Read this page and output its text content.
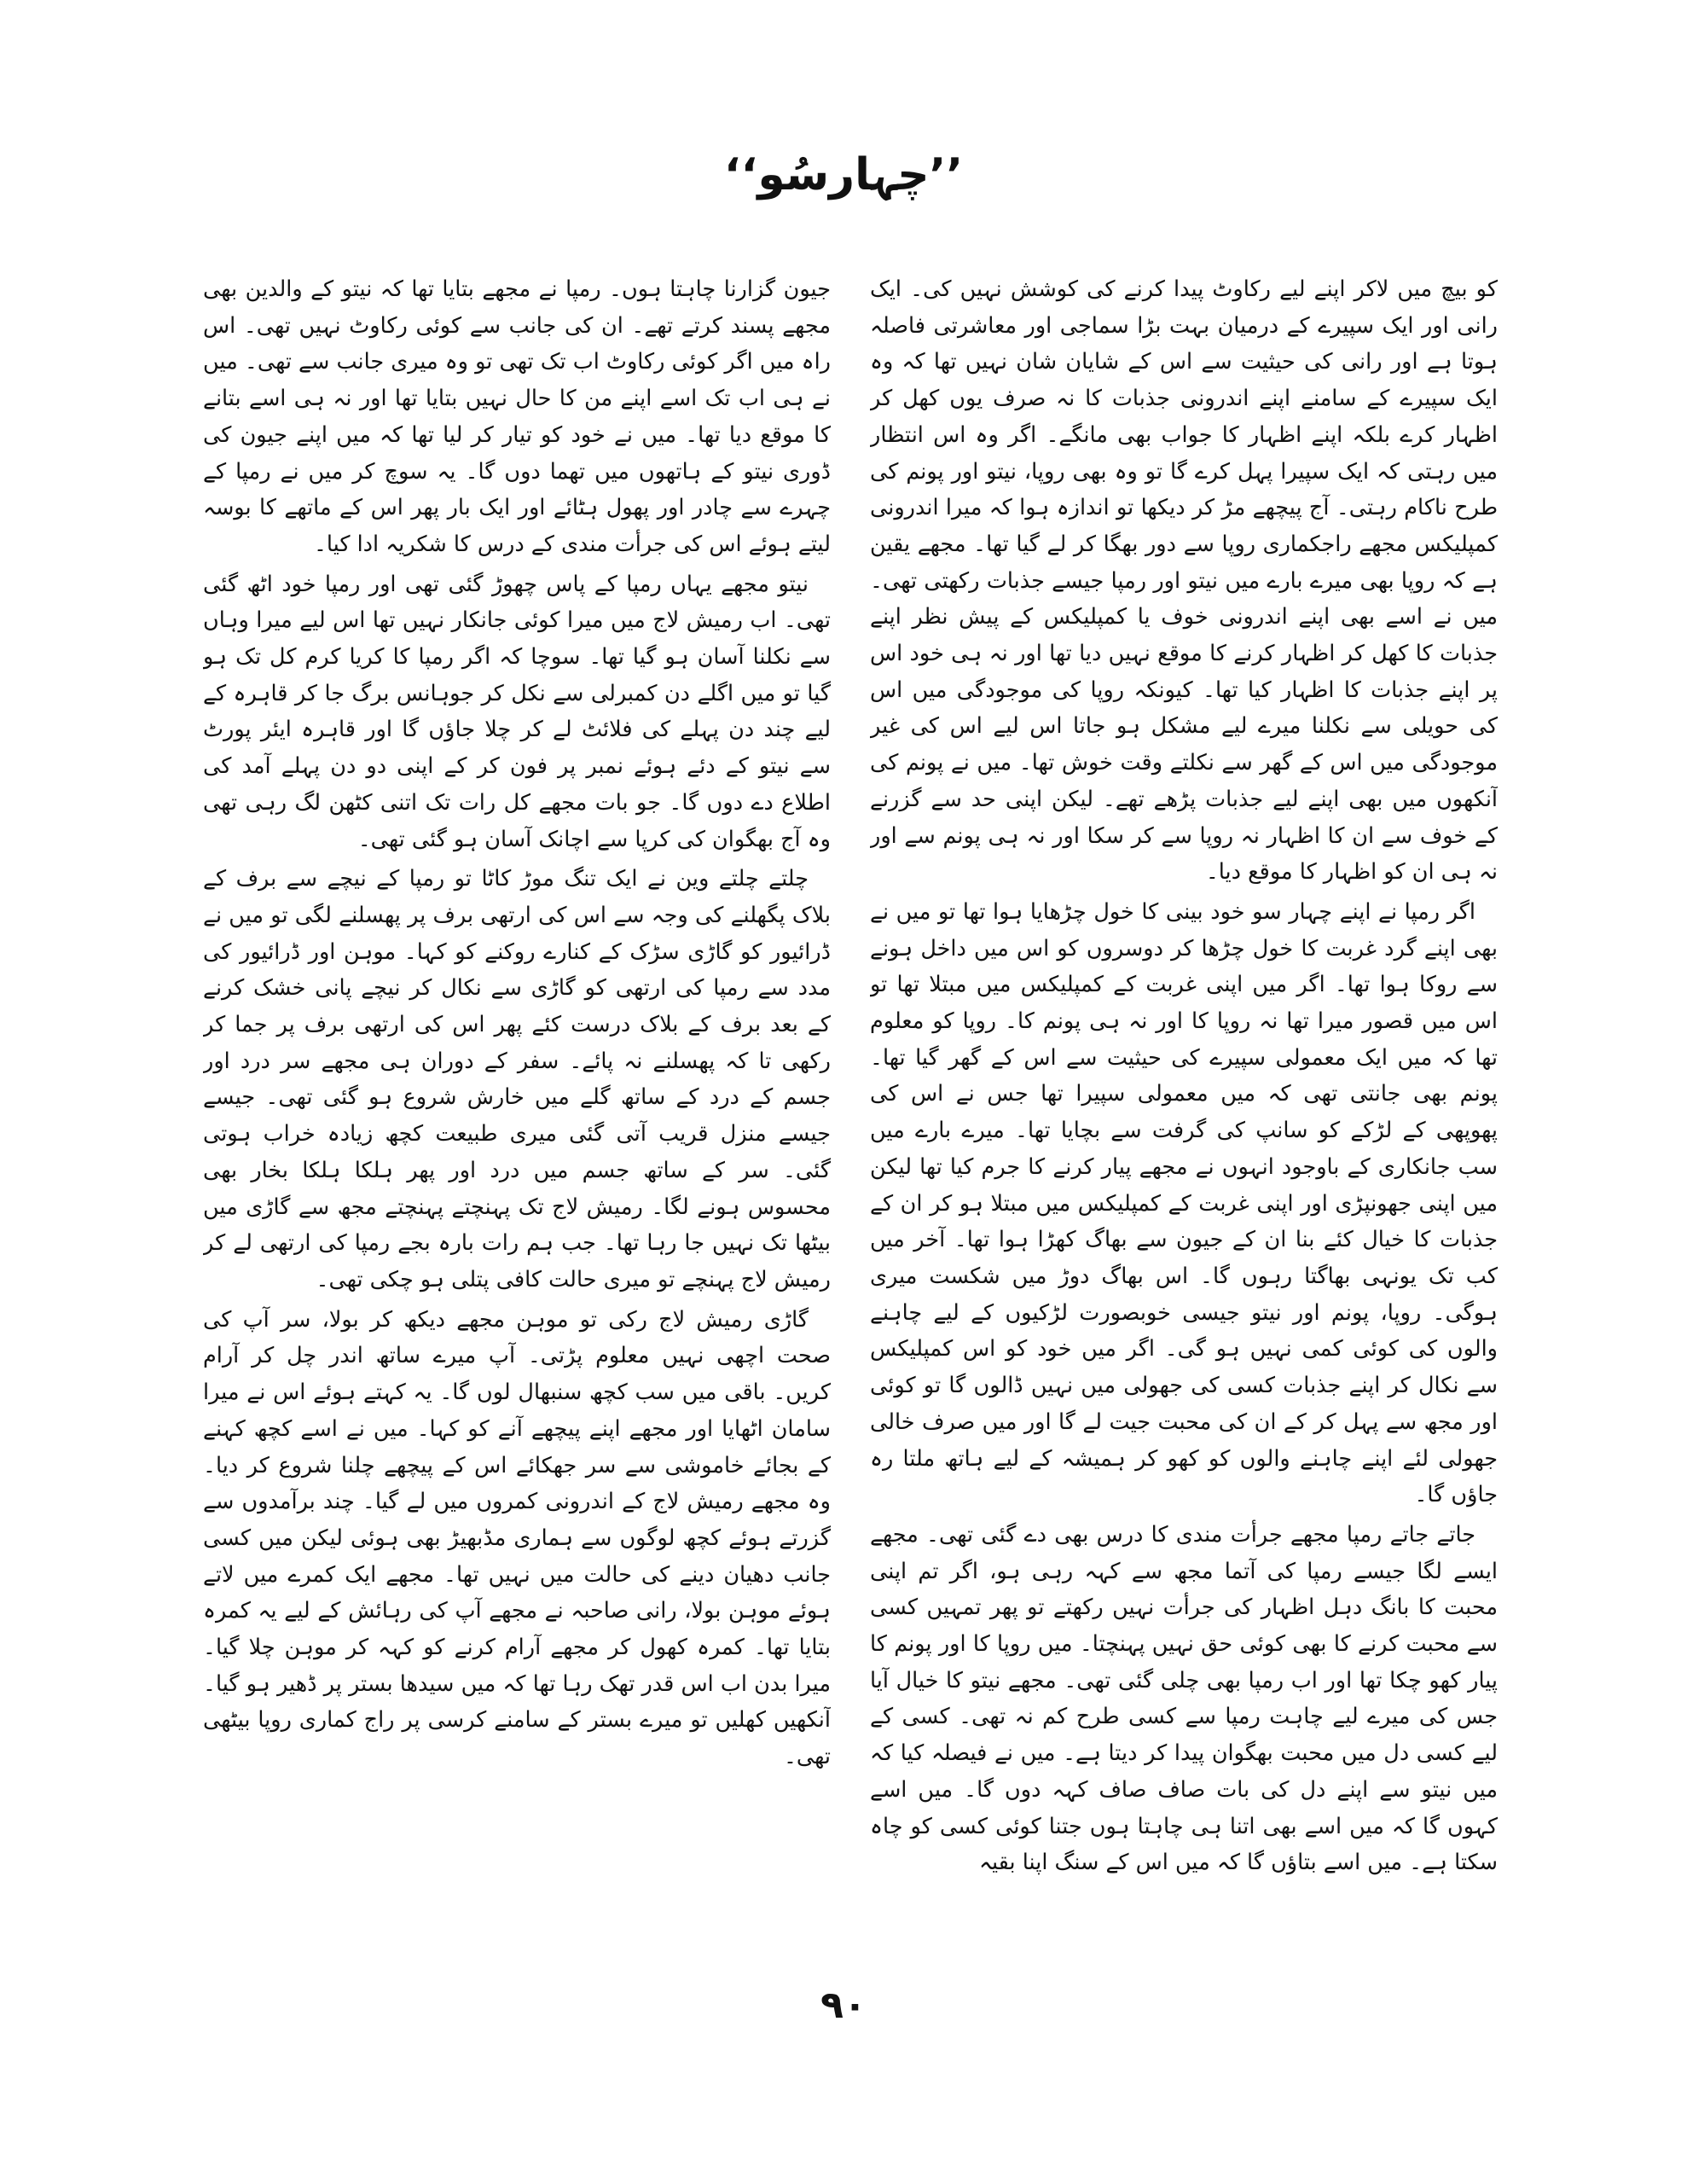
’’چہارسُو‘‘

کو بیچ میں لاکر اپنے لیے رکاوٹ پیدا کرنے کی کوشش نہیں کی۔ ایک رانی اور ایک سپیرے کے درمیان بہت بڑا سماجی اور معاشرتی فاصلہ ہوتا ہے اور رانی کی حیثیت سے اس کے شایان شان نہیں تھا کہ وہ ایک سپیرے کے سامنے اپنے اندرونی جذبات کا نہ صرف یوں کھل کر اظہار کرے بلکہ اپنے اظہار کا جواب بھی مانگے۔ اگر وہ اس انتظار میں رہتی کہ ایک سپیرا پہل کرے گا تو وہ بھی روپا، نیتو اور پونم کی طرح ناکام رہتی۔ آج پیچھے مڑ کر دیکھا تو اندازہ ہوا کہ میرا اندرونی کمپلیکس مجھے راجکماری روپا سے دور بھگا کر لے گیا تھا۔ مجھے یقین ہے کہ روپا بھی میرے بارے میں نیتو اور رمپا جیسے جذبات رکھتی تھی۔ میں نے اسے بھی اپنے اندرونی خوف یا کمپلیکس کے پیش نظر اپنے جذبات کا کھل کر اظہار کرنے کا موقع نہیں دیا تھا اور نہ ہی خود اس پر اپنے جذبات کا اظہار کیا تھا۔ کیونکہ روپا کی موجودگی میں اس کی حویلی سے نکلنا میرے لیے مشکل ہو جاتا اس لیے اس کی غیر موجودگی میں اس کے گھر سے نکلتے وقت خوش تھا۔ میں نے پونم کی آنکھوں میں بھی اپنے لیے جذبات پڑھے تھے۔ لیکن اپنی حد سے گزرنے کے خوف سے ان کا اظہار نہ روپا سے کر سکا اور نہ ہی پونم سے اور نہ ہی ان کو اظہار کا موقع دیا۔

اگر رمپا نے اپنے چہار سو خود بینی کا خول چڑھایا ہوا تھا تو میں نے بھی اپنے گرد غربت کا خول چڑھا کر دوسروں کو اس میں داخل ہونے سے روکا ہوا تھا۔ اگر میں اپنی غربت کے کمپلیکس میں مبتلا تھا تو اس میں قصور میرا تھا نہ روپا کا اور نہ ہی پونم کا۔ روپا کو معلوم تھا کہ میں ایک معمولی سپیرے کی حیثیت سے اس کے گھر گیا تھا۔ پونم بھی جانتی تھی کہ میں معمولی سپیرا تھا جس نے اس کی پھوپھی کے لڑکے کو سانپ کی گرفت سے بچایا تھا۔ میرے بارے میں سب جانکاری کے باوجود انہوں نے مجھے پیار کرنے کا جرم کیا تھا لیکن میں اپنی جھونپڑی اور اپنی غربت کے کمپلیکس میں مبتلا ہو کر ان کے جذبات کا خیال کئے بنا ان کے جیون سے بھاگ کھڑا ہوا تھا۔ آخر میں کب تک یونہی بھاگتا رہوں گا۔ اس بھاگ دوڑ میں شکست میری ہوگی۔ روپا، پونم اور نیتو جیسی خوبصورت لڑکیوں کے لیے چاہنے والوں کی کوئی کمی نہیں ہو گی۔ اگر میں خود کو اس کمپلیکس سے نکال کر اپنے جذبات کسی کی جھولی میں نہیں ڈالوں گا تو کوئی اور مجھ سے پہل کر کے ان کی محبت جیت لے گا اور میں صرف خالی جھولی لئے اپنے چاہنے والوں کو کھو کر ہمیشہ کے لیے ہاتھ ملتا رہ جاؤں گا۔

جاتے جاتے رمپا مجھے جرأت مندی کا درس بھی دے گئی تھی۔ مجھے ایسے لگا جیسے رمپا کی آتما مجھ سے کہہ رہی ہو، اگر تم اپنی محبت کا بانگ دہل اظہار کی جرأت نہیں رکھتے تو پھر تمہیں کسی سے محبت کرنے کا بھی کوئی حق نہیں پہنچتا۔ میں روپا کا اور پونم کا پیار کھو چکا تھا اور اب رمپا بھی چلی گئی تھی۔ مجھے نیتو کا خیال آیا جس کی میرے لیے چاہت رمپا سے کسی طرح کم نہ تھی۔ کسی کے لیے کسی دل میں محبت بھگوان پیدا کر دیتا ہے۔ میں نے فیصلہ کیا کہ میں نیتو سے اپنے دل کی بات صاف صاف کہہ دوں گا۔ میں اسے کہوں گا کہ میں اسے بھی اتنا ہی چاہتا ہوں جتنا کوئی کسی کو چاہ سکتا ہے۔ میں اسے بتاؤں گا کہ میں اس کے سنگ اپنا بقیہ

جیون گزارنا چاہتا ہوں۔ رمپا نے مجھے بتایا تھا کہ نیتو کے والدین بھی مجھے پسند کرتے تھے۔ ان کی جانب سے کوئی رکاوٹ نہیں تھی۔ اس راہ میں اگر کوئی رکاوٹ اب تک تھی تو وہ میری جانب سے تھی۔ میں نے ہی اب تک اسے اپنے من کا حال نہیں بتایا تھا اور نہ ہی اسے بتانے کا موقع دیا تھا۔ میں نے خود کو تیار کر لیا تھا کہ میں اپنے جیون کی ڈوری نیتو کے ہاتھوں میں تھما دوں گا۔ یہ سوچ کر میں نے رمپا کے چہرے سے چادر اور پھول ہٹائے اور ایک بار پھر اس کے ماتھے کا بوسہ لیتے ہوئے اس کی جرأت مندی کے درس کا شکریہ ادا کیا۔

نیتو مجھے یہاں رمپا کے پاس چھوڑ گئی تھی اور رمپا خود اٹھ گئی تھی۔ اب رمیش لاج میں میرا کوئی جانکار نہیں تھا اس لیے میرا وہاں سے نکلنا آسان ہو گیا تھا۔ سوچا کہ اگر رمپا کا کریا کرم کل تک ہو گیا تو میں اگلے دن کمبرلی سے نکل کر جوہانس برگ جا کر قاہرہ کے لیے چند دن پہلے کی فلائٹ لے کر چلا جاؤں گا اور قاہرہ ایئر پورٹ سے نیتو کے دئے ہوئے نمبر پر فون کر کے اپنی دو دن پہلے آمد کی اطلاع دے دوں گا۔ جو بات مجھے کل رات تک اتنی کٹھن لگ رہی تھی وہ آج بھگوان کی کرپا سے اچانک آسان ہو گئی تھی۔

چلتے چلتے وین نے ایک تنگ موڑ کاٹا تو رمپا کے نیچے سے برف کے بلاک پگھلنے کی وجہ سے اس کی ارتھی برف پر پھسلنے لگی تو میں نے ڈرائیور کو گاڑی سڑک کے کنارے روکنے کو کہا۔ موہن اور ڈرائیور کی مدد سے رمپا کی ارتھی کو گاڑی سے نکال کر نیچے پانی خشک کرنے کے بعد برف کے بلاک درست کئے پھر اس کی ارتھی برف پر جما کر رکھی تا کہ پھسلنے نہ پائے۔ سفر کے دوران ہی مجھے سر درد اور جسم کے درد کے ساتھ گلے میں خارش شروع ہو گئی تھی۔ جیسے جیسے منزل قریب آتی گئی میری طبیعت کچھ زیادہ خراب ہوتی گئی۔ سر کے ساتھ جسم میں درد اور پھر ہلکا ہلکا بخار بھی محسوس ہونے لگا۔ رمیش لاج تک پہنچتے پہنچتے مجھ سے گاڑی میں بیٹھا تک نہیں جا رہا تھا۔ جب ہم رات بارہ بجے رمپا کی ارتھی لے کر رمیش لاج پہنچے تو میری حالت کافی پتلی ہو چکی تھی۔

گاڑی رمیش لاج رکی تو موہن مجھے دیکھ کر بولا، سر آپ کی صحت اچھی نہیں معلوم پڑتی۔ آپ میرے ساتھ اندر چل کر آرام کریں۔ باقی میں سب کچھ سنبھال لوں گا۔ یہ کہتے ہوئے اس نے میرا سامان اٹھایا اور مجھے اپنے پیچھے آنے کو کہا۔ میں نے اسے کچھ کہنے کے بجائے خاموشی سے سر جھکائے اس کے پیچھے چلنا شروع کر دیا۔ وہ مجھے رمیش لاج کے اندرونی کمروں میں لے گیا۔ چند برآمدوں سے گزرتے ہوئے کچھ لوگوں سے ہماری مڈبھیڑ بھی ہوئی لیکن میں کسی جانب دھیان دینے کی حالت میں نہیں تھا۔ مجھے ایک کمرے میں لاتے ہوئے موہن بولا، رانی صاحبہ نے مجھے آپ کی رہائش کے لیے یہ کمرہ بتایا تھا۔ کمرہ کھول کر مجھے آرام کرنے کو کہہ کر موہن چلا گیا۔ میرا بدن اب اس قدر تھک رہا تھا کہ میں سیدھا بستر پر ڈھیر ہو گیا۔ آنکھیں کھلیں تو میرے بستر کے سامنے کرسی پر راج کماری روپا بیٹھی تھی۔

۹۰
